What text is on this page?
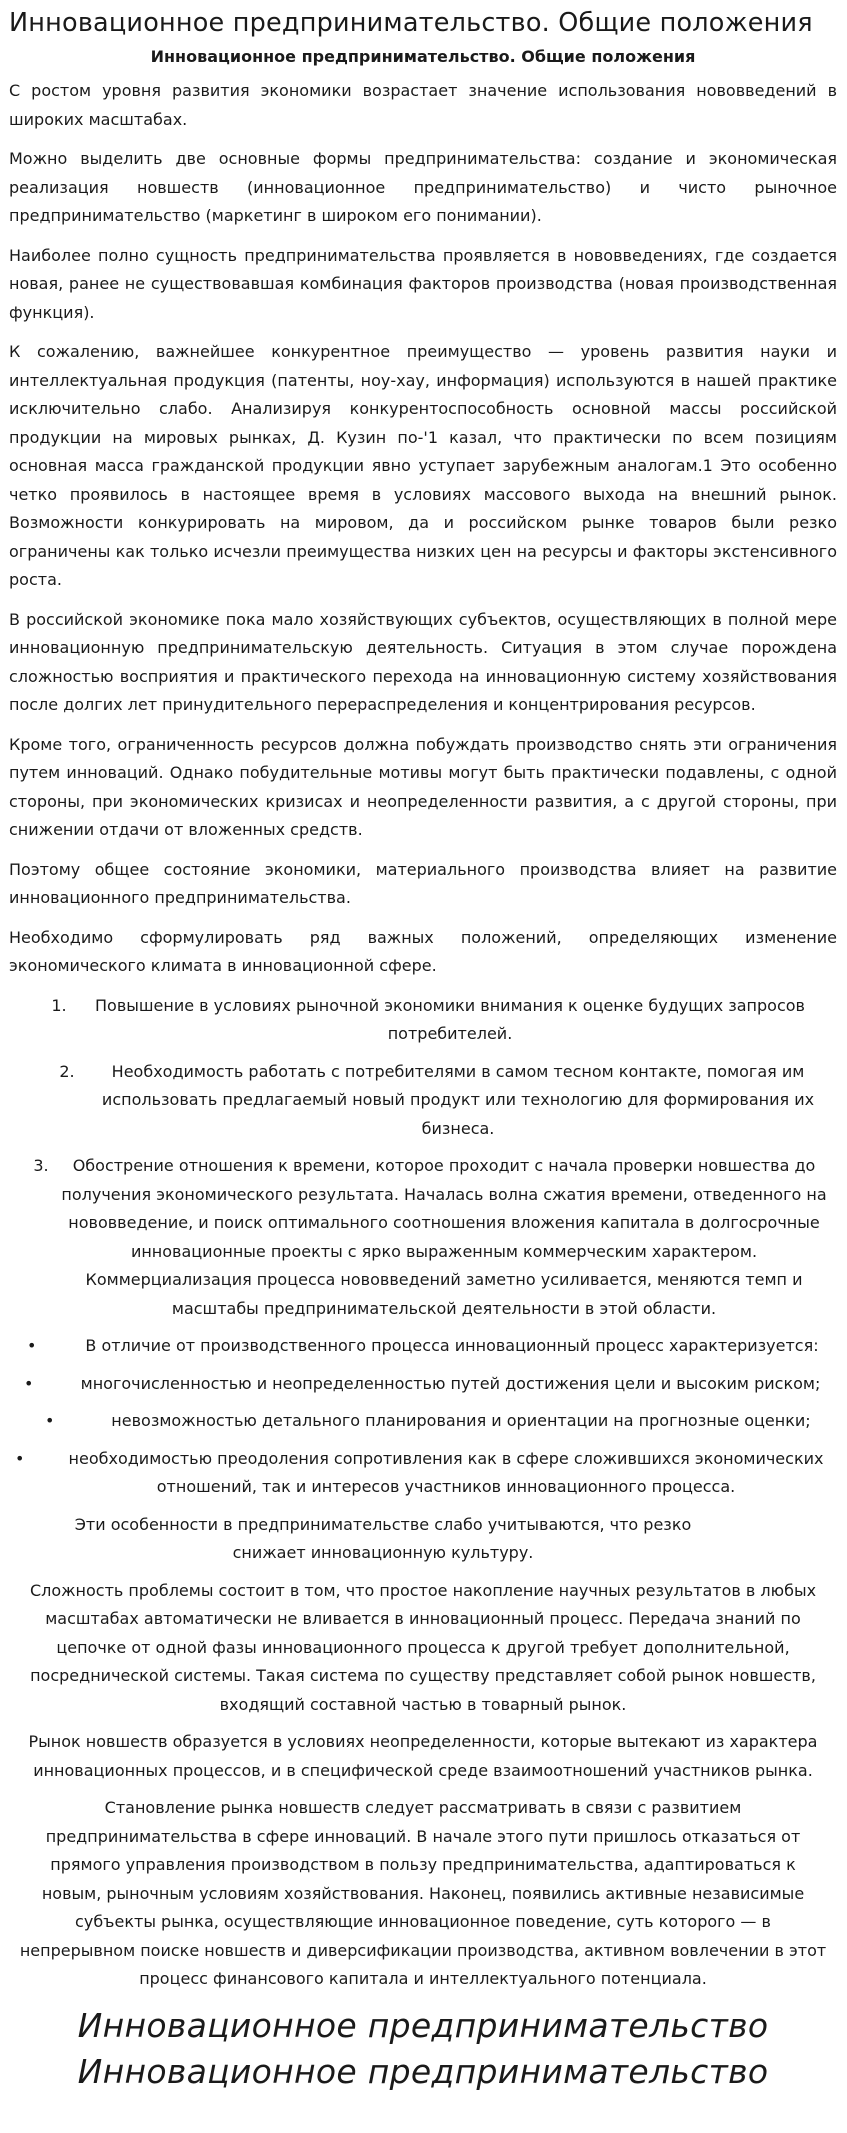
Инновационное предпринимательство. Общие положения
Инновационное предпринимательство. Общие положения

С ростом уровня развития экономики возрастает значение использования нововведений в широких масштабах.

Можно выделить две основные формы предпринимательства: создание и экономическая реализация новшеств (инновационное предпринимательство) и чисто рыночное предпринимательство (маркетинг в широком его понимании).

Наиболее полно сущность предпринимательства проявляется в нововведениях, где создается новая, ранее не существовавшая комбинация факторов производства (новая производственная функция).

К сожалению, важнейшее конкурентное преимущество — уровень развития науки и интеллектуальная продукция (патенты, ноу-хау, информация) используются в нашей практике исключительно слабо. Анализируя конкурентоспособность основной массы российской продукции на мировых рынках, Д. Кузин по-'1 казал, что практически по всем позициям основная масса гражданской продукции явно уступает зарубежным аналогам.1 Это особенно четко проявилось в настоящее время в условиях массового выхода на внешний рынок. Возможности конкурировать на мировом, да и российском рынке товаров были резко ограничены как только исчезли преимущества низких цен на ресурсы и факторы экстенсивного роста.

В российской экономике пока мало хозяйствующих субъектов, осуществляющих в полной мере инновационную предпринимательскую деятельность. Ситуация в этом случае порождена сложностью восприятия и практического перехода на инновационную систему хозяйствования после долгих лет принудительного перераспределения и концентрирования ресурсов.

Кроме того, ограниченность ресурсов должна побуждать производство снять эти ограничения путем инноваций. Однако побудительные мотивы могут быть практически подавлены, с одной стороны, при экономических кризисах и неопределенности развития, а с другой стороны, при снижении отдачи от вложенных средств.

Поэтому общее состояние экономики, материального производства влияет на развитие инновационного предпринимательства.

Необходимо сформулировать ряд важных положений, определяющих изменение экономического климата в инновационной сфере.

1.	Повышение в условиях рыночной экономики внимания к оценке будущих запросов потребителей.
2.	Необходимость работать с потребителями в самом тесном контакте, помогая им использовать предлагаемый новый продукт или технологию для формирования их бизнеса.
3.	Обострение отношения к времени, которое проходит с начала проверки новшества до получения экономического результата. Началась волна сжатия времени, отведенного на нововведение, и поиск оптимального соотношения вложения капитала в долгосрочные инновационные проекты с ярко выраженным коммерческим характером. Коммерциализация процесса нововведений заметно усиливается, меняются темп и масштабы предпринимательской деятельности в этой области.
•	В отличие от производственного процесса инновационный процесс характеризуется:
•	многочисленностью и неопределенностью путей достижения цели и высоким риском;
•	невозможностью детального планирования и ориентации на прогнозные оценки;
•	необходимостью преодоления сопротивления как в сфере сложившихся экономических отношений, так и интересов участников инновационного процесса.

Эти особенности в предпринимательстве слабо учитываются, что резко снижает инновационную культуру.

Сложность проблемы состоит в том, что простое накопление научных результатов в любых масштабах автоматически не вливается в инновационный процесс. Передача знаний по цепочке от одной фазы инновационного процесса к другой требует дополнительной, посреднической системы. Такая система по существу представляет собой рынок новшеств, входящий составной частью в товарный рынок.

Рынок новшеств образуется в условиях неопределенности, которые вытекают из характера инновационных процессов, и в специфической среде взаимоотношений участников рынка.

Становление рынка новшеств следует рассматривать в связи с развитием предпринимательства в сфере инноваций. В начале этого пути пришлось отказаться от прямого управления производством в пользу предпринимательства, адаптироваться к новым, рыночным условиям хозяйствования. Наконец, появились активные независимые субъекты рынка, осуществляющие инновационное поведение, суть которого — в непрерывном поиске новшеств и диверсификации производства, активном вовлечении в этот процесс финансового капитала и интеллектуального потенциала.

Инновационное предпринимательство
Инновационное предпринимательство
